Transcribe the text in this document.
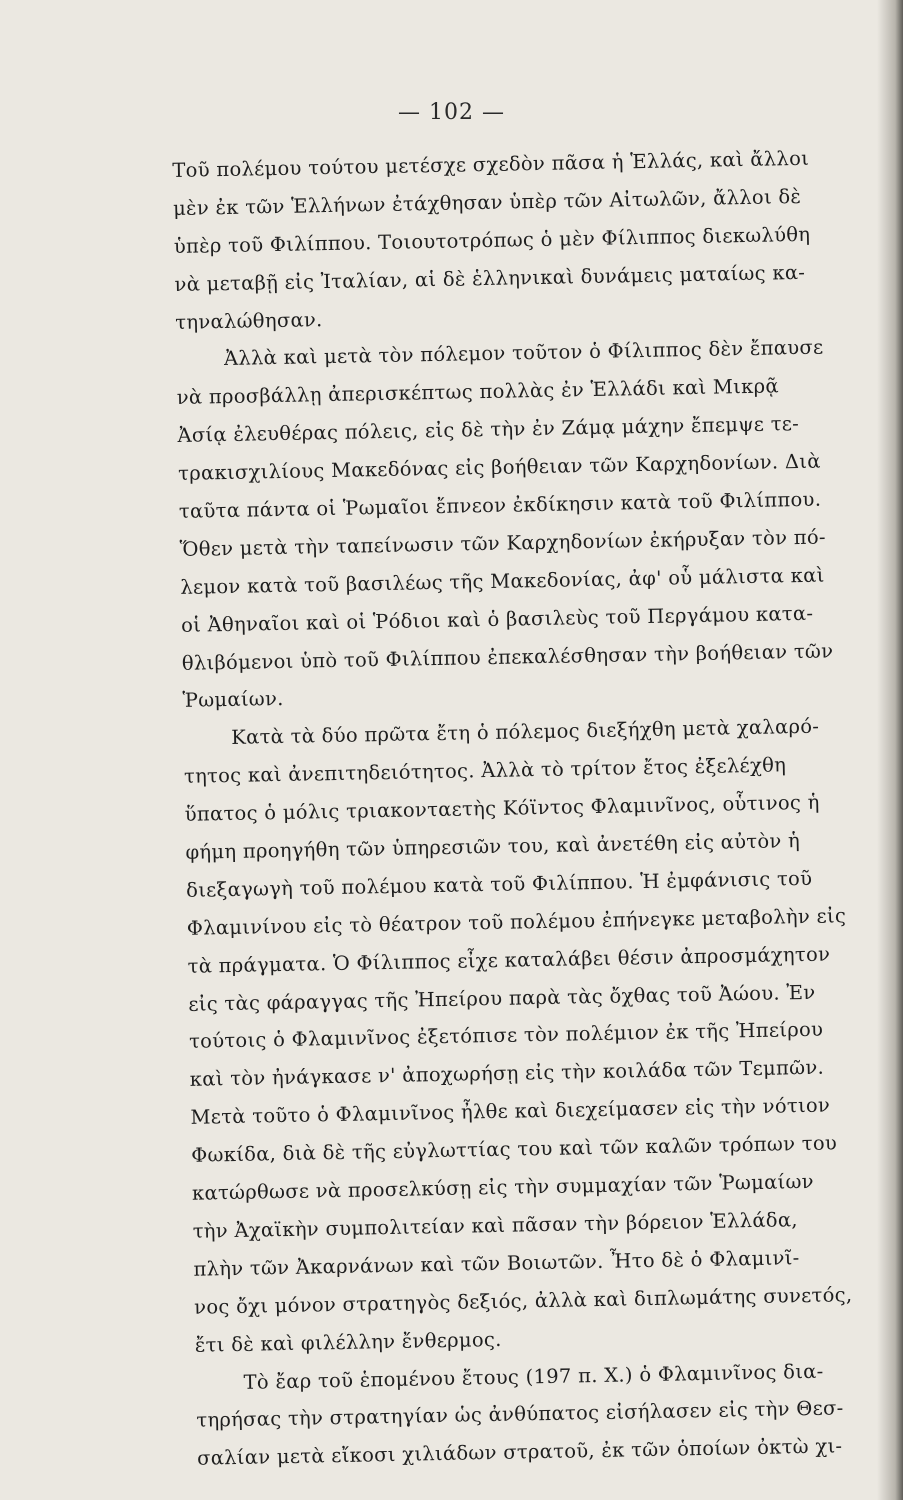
— 102 —
Τοῦ πολέμου τούτου μετέσχε σχεδὸν πᾶσα ἡ Ἑλλάς, καὶ ἄλλοι
μὲν ἐκ τῶν Ἑλλήνων ἐτάχθησαν ὑπὲρ τῶν Αἰτωλῶν, ἄλλοι δὲ
ὑπὲρ τοῦ Φιλίππου. Τοιουτοτρόπως ὁ μὲν Φίλιππος διεκωλύθη
νὰ μεταβῇ εἰς Ἰταλίαν, αἱ δὲ ἑλληνικαὶ δυνάμεις ματαίως κα-
τηναλώθησαν.
Ἀλλὰ καὶ μετὰ τὸν πόλεμον τοῦτον ὁ Φίλιππος δὲν ἔπαυσε
νὰ προσβάλλῃ ἀπερισκέπτως πολλὰς ἐν Ἑλλάδι καὶ Μικρᾷ
Ἀσίᾳ ἐλευθέρας πόλεις, εἰς δὲ τὴν ἐν Ζάμᾳ μάχην ἔπεμψε τε-
τρακισχιλίους Μακεδόνας εἰς βοήθειαν τῶν Καρχηδονίων. Διὰ
ταῦτα πάντα οἱ Ῥωμαῖοι ἔπνεον ἐκδίκησιν κατὰ τοῦ Φιλίππου.
Ὅθεν μετὰ τὴν ταπείνωσιν τῶν Καρχηδονίων ἐκήρυξαν τὸν πό-
λεμον κατὰ τοῦ βασιλέως τῆς Μακεδονίας, ἀφ' οὗ μάλιστα καὶ
οἱ Ἀθηναῖοι καὶ οἱ Ῥόδιοι καὶ ὁ βασιλεὺς τοῦ Περγάμου κατα-
θλιβόμενοι ὑπὸ τοῦ Φιλίππου ἐπεκαλέσθησαν τὴν βοήθειαν τῶν
Ῥωμαίων.
Κατὰ τὰ δύο πρῶτα ἔτη ὁ πόλεμος διεξήχθη μετὰ χαλαρό-
τητος καὶ ἀνεπιτηδειότητος. Ἀλλὰ τὸ τρίτον ἔτος ἐξελέχθη
ὕπατος ὁ μόλις τριακονταετὴς Κόϊντος Φλαμινῖνος, οὗτινος ἡ
φήμη προηγήθη τῶν ὑπηρεσιῶν του, καὶ ἀνετέθη εἰς αὐτὸν ἡ
διεξαγωγὴ τοῦ πολέμου κατὰ τοῦ Φιλίππου. Ἡ ἐμφάνισις τοῦ
Φλαμινίνου εἰς τὸ θέατρον τοῦ πολέμου ἐπήνεγκε μεταβολὴν εἰς
τὰ πράγματα. Ὁ Φίλιππος εἶχε καταλάβει θέσιν ἀπροσμάχητον
εἰς τὰς φάραγγας τῆς Ἠπείρου παρὰ τὰς ὄχθας τοῦ Ἀώου. Ἐν
τούτοις ὁ Φλαμινῖνος ἐξετόπισε τὸν πολέμιον ἐκ τῆς Ἠπείρου
καὶ τὸν ἠνάγκασε ν' ἀποχωρήσῃ εἰς τὴν κοιλάδα τῶν Τεμπῶν.
Μετὰ τοῦτο ὁ Φλαμινῖνος ἦλθε καὶ διεχείμασεν εἰς τὴν νότιον
Φωκίδα, διὰ δὲ τῆς εὐγλωττίας του καὶ τῶν καλῶν τρόπων του
κατώρθωσε νὰ προσελκύσῃ εἰς τὴν συμμαχίαν τῶν Ῥωμαίων
τὴν Ἀχαϊκὴν συμπολιτείαν καὶ πᾶσαν τὴν βόρειον Ἑλλάδα,
πλὴν τῶν Ἀκαρνάνων καὶ τῶν Βοιωτῶν. Ἦτο δὲ ὁ Φλαμινῖ-
νος ὄχι μόνον στρατηγὸς δεξιός, ἀλλὰ καὶ διπλωμάτης συνετός,
ἔτι δὲ καὶ φιλέλλην ἔνθερμος.
Τὸ ἔαρ τοῦ ἑπομένου ἔτους (197 π. Χ.) ὁ Φλαμινῖνος δια-
τηρήσας τὴν στρατηγίαν ὡς ἀνθύπατος εἰσήλασεν εἰς τὴν Θεσ-
σαλίαν μετὰ εἴκοσι χιλιάδων στρατοῦ, ἐκ τῶν ὁποίων ὀκτὼ χι-
